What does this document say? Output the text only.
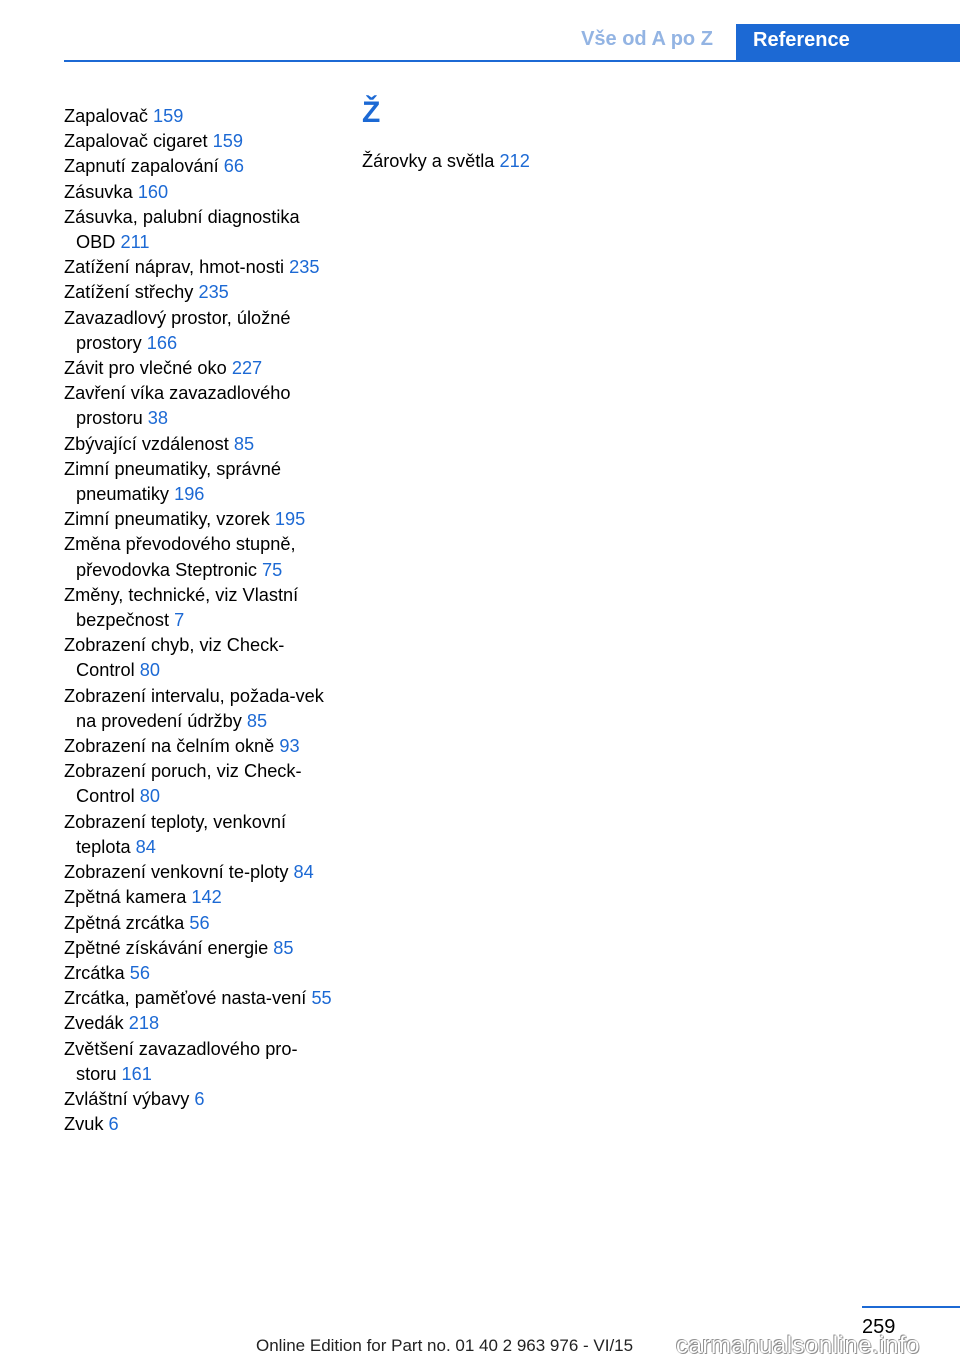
Vše od A po Z	Reference
Zapalovač 159
Zapalovač cigaret 159
Zapnutí zapalování 66
Zásuvka 160
Zásuvka, palubní diagnostika OBD 211
Zatížení náprav, hmot‐nosti 235
Zatížení střechy 235
Zavazadlový prostor, úložné prostory 166
Závit pro vlečné oko 227
Zavření víka zavazadlového prostoru 38
Zbývající vzdálenost 85
Zimní pneumatiky, správné pneumatiky 196
Zimní pneumatiky, vzorek 195
Změna převodového stupně, převodovka Steptronic 75
Změny, technické, viz Vlastní bezpečnost 7
Zobrazení chyb, viz Check-Control 80
Zobrazení intervalu, požada‐vek na provedení údržby 85
Zobrazení na čelním okně 93
Zobrazení poruch, viz Check-Control 80
Zobrazení teploty, venkovní teplota 84
Zobrazení venkovní te‐ploty 84
Zpětná kamera 142
Zpětná zrcátka 56
Zpětné získávání energie 85
Zrcátka 56
Zrcátka, paměťové nasta‐vení 55
Zvedák 218
Zvětšení zavazadlového pro‐storu 161
Zvláštní výbavy 6
Zvuk 6
Ž
Žárovky a světla 212
259
Online Edition for Part no. 01 40 2 963 976 - VI/15 carmanualsonline.info
